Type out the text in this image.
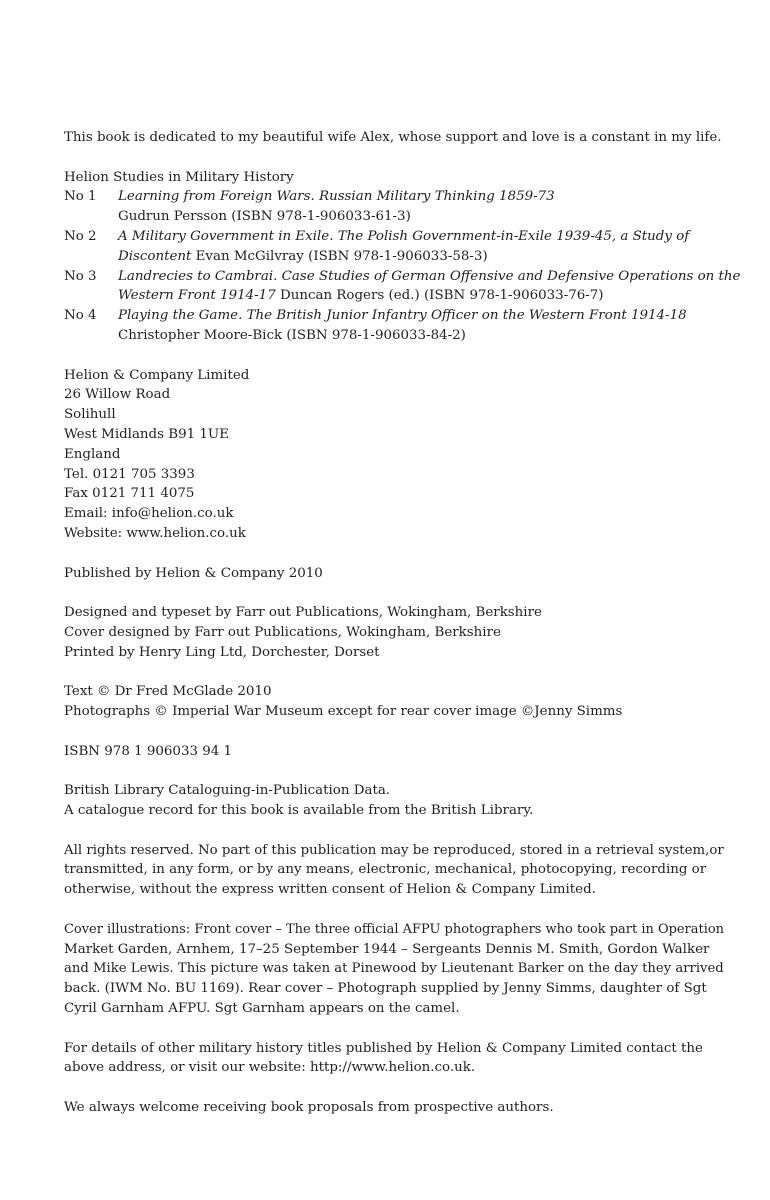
This book is dedicated to my beautiful wife Alex, whose support and love is a constant in my life.
Helion Studies in Military History
No 1	Learning from Foreign Wars. Russian Military Thinking 1859-73
Gudrun Persson (ISBN 978-1-906033-61-3)
No 2	A Military Government in Exile. The Polish Government-in-Exile 1939-45, a Study of
Discontent Evan McGilvray (ISBN 978-1-906033-58-3)
No 3	Landrecies to Cambrai. Case Studies of German Offensive and Defensive Operations on the
Western Front 1914-17 Duncan Rogers (ed.) (ISBN 978-1-906033-76-7)
No 4	Playing the Game. The British Junior Infantry Officer on the Western Front 1914-18
Christopher Moore-Bick (ISBN 978-1-906033-84-2)
Helion & Company Limited
26 Willow Road
Solihull
West Midlands B91 1UE
England
Tel. 0121 705 3393
Fax 0121 711 4075
Email: info@helion.co.uk
Website: www.helion.co.uk
Published by Helion & Company 2010
Designed and typeset by Farr out Publications, Wokingham, Berkshire
Cover designed by Farr out Publications, Wokingham, Berkshire
Printed by Henry Ling Ltd, Dorchester, Dorset
Text © Dr Fred McGlade 2010
Photographs © Imperial War Museum except for rear cover image ©Jenny Simms
ISBN 978 1 906033 94 1
British Library Cataloguing-in-Publication Data.
A catalogue record for this book is available from the British Library.
All rights reserved. No part of this publication may be reproduced, stored in a retrieval system,or
transmitted, in any form, or by any means, electronic, mechanical, photocopying, recording or
otherwise, without the express written consent of Helion & Company Limited.
Cover illustrations: Front cover – The three official AFPU photographers who took part in Operation
Market Garden, Arnhem, 17–25 September 1944 – Sergeants Dennis M. Smith, Gordon Walker
and Mike Lewis. This picture was taken at Pinewood by Lieutenant Barker on the day they arrived
back. (IWM No. BU 1169). Rear cover – Photograph supplied by Jenny Simms, daughter of Sgt
Cyril Garnham AFPU. Sgt Garnham appears on the camel.
For details of other military history titles published by Helion & Company Limited contact the
above address, or visit our website: http://www.helion.co.uk.
We always welcome receiving book proposals from prospective authors.
